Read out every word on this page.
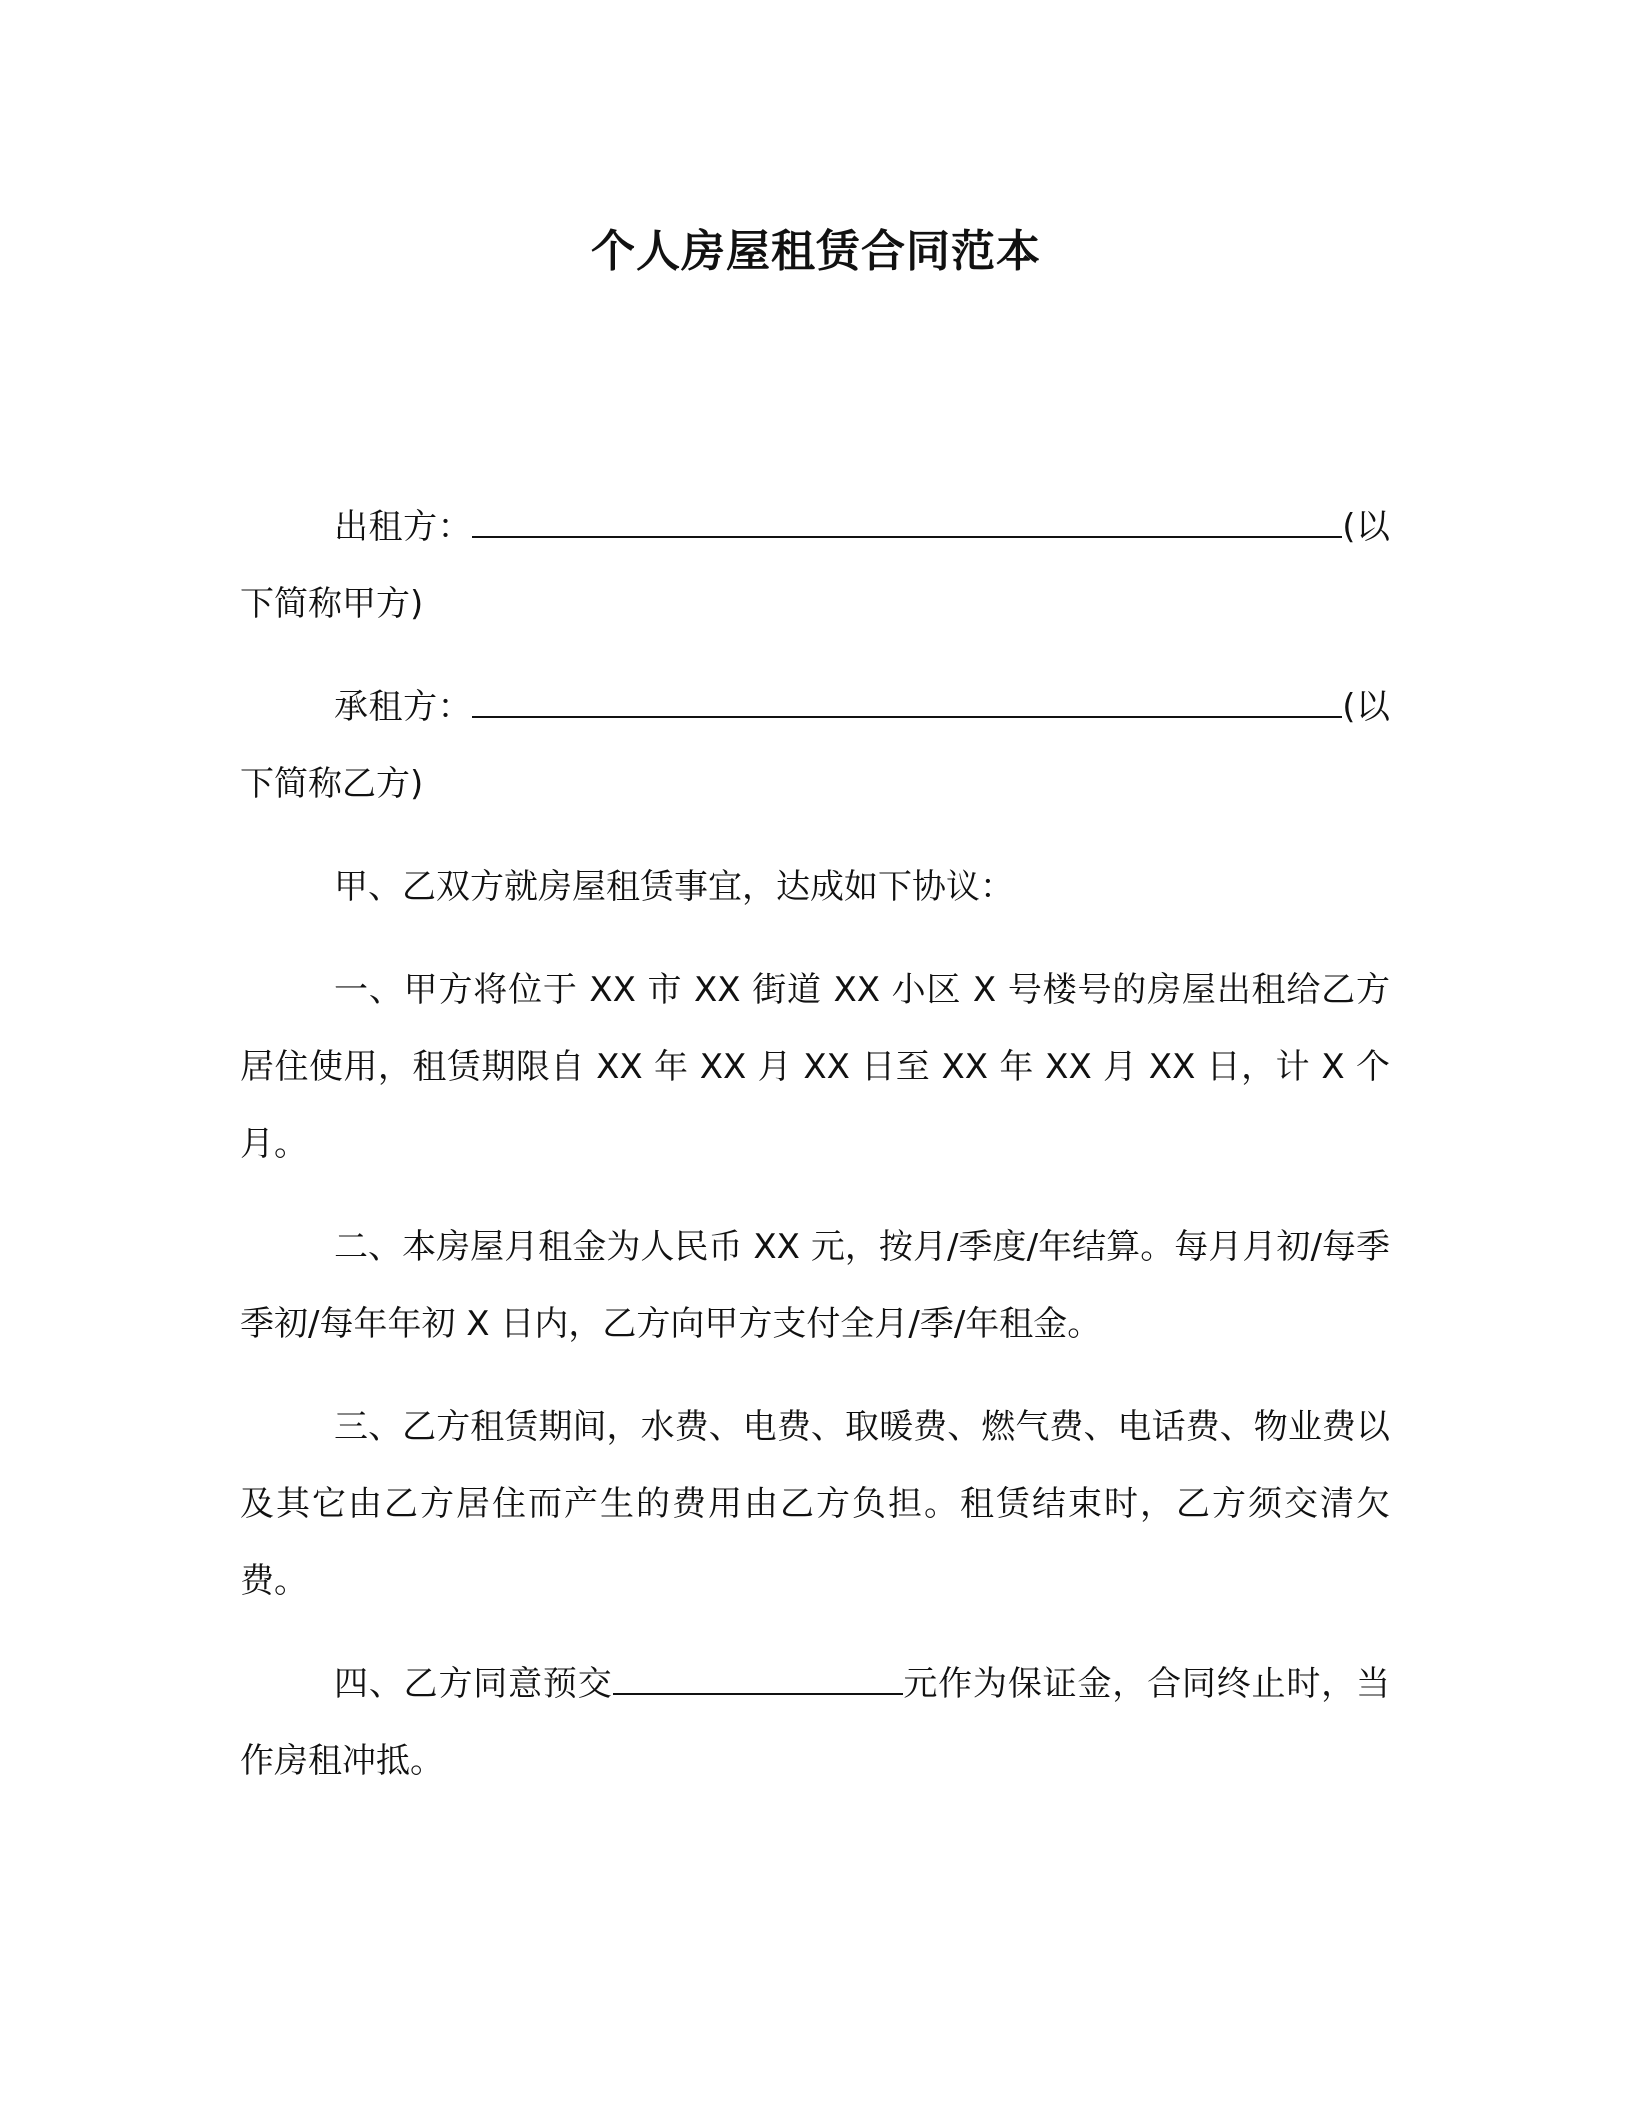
个人房屋租赁合同范本

出租方：	(以下简称甲方)

承租方：	(以下简称乙方)

甲、乙双方就房屋租赁事宜，达成如下协议：

一、甲方将位于 XX 市 XX 街道 XX 小区 X 号楼号的房屋出租给乙方居住使用，租赁期限自 XX 年 XX 月 XX 日至 XX 年 XX 月 XX 日，计 X 个月。

二、本房屋月租金为人民币 XX 元，按月/季度/年结算。每月月初/每季季初/每年年初 X 日内，乙方向甲方支付全月/季/年租金。

三、乙方租赁期间，水费、电费、取暖费、燃气费、电话费、物业费以及其它由乙方居住而产生的费用由乙方负担。租赁结束时，乙方须交清欠费。

四、乙方同意预交	元作为保证金，合同终止时，当作房租冲抵。
